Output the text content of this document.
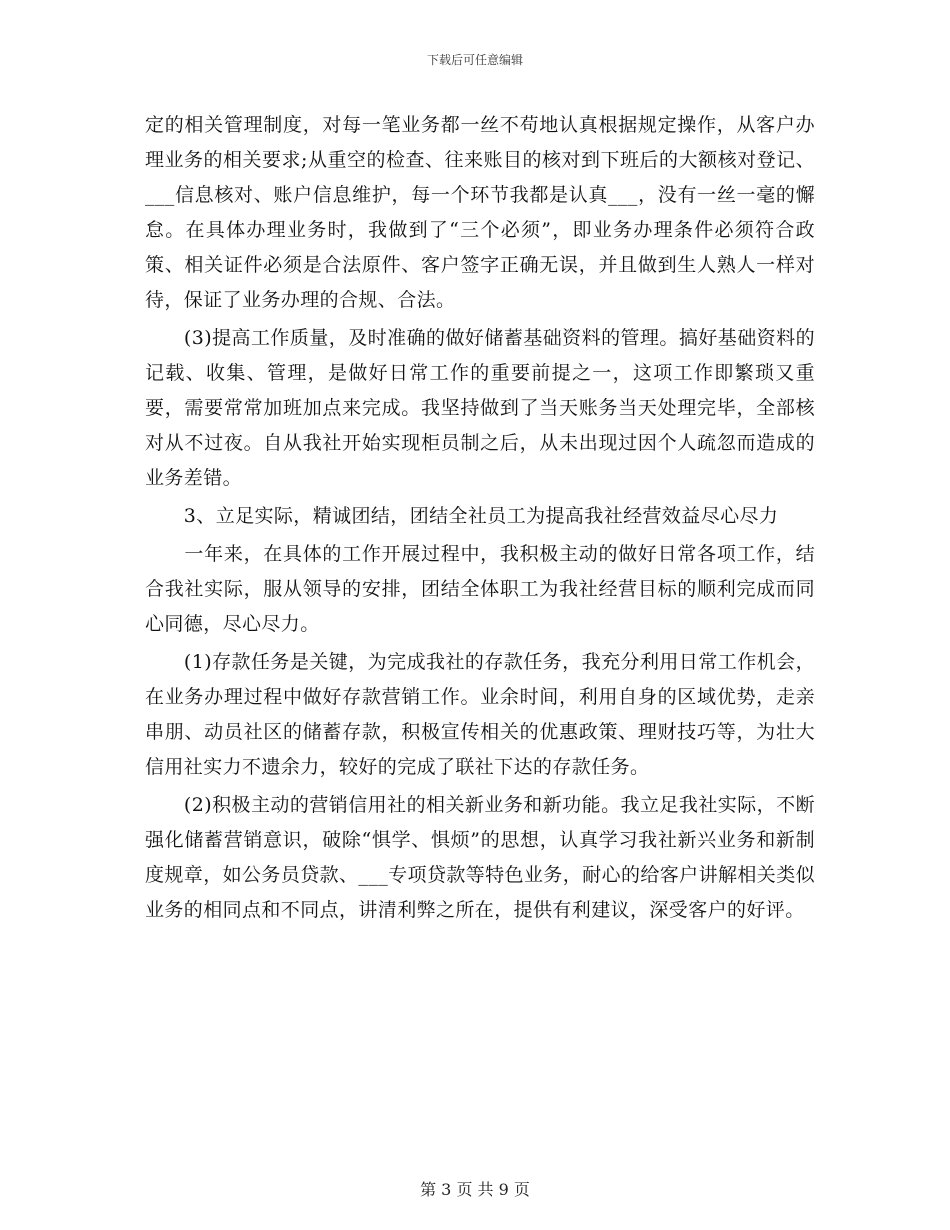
下载后可任意编辑

定的相关管理制度，对每一笔业务都一丝不苟地认真根据规定操作，从客户办理业务的相关要求;从重空的检查、往来账目的核对到下班后的大额核对登记、___信息核对、账户信息维护，每一个环节我都是认真___，没有一丝一毫的懈怠。在具体办理业务时，我做到了“三个必须”，即业务办理条件必须符合政策、相关证件必须是合法原件、客户签字正确无误，并且做到生人熟人一样对待，保证了业务办理的合规、合法。

　　(3)提高工作质量，及时准确的做好储蓄基础资料的管理。搞好基础资料的记载、收集、管理，是做好日常工作的重要前提之一，这项工作即繁琐又重要，需要常常加班加点来完成。我坚持做到了当天账务当天处理完毕，全部核对从不过夜。自从我社开始实现柜员制之后，从未出现过因个人疏忽而造成的业务差错。

　　3、立足实际，精诚团结，团结全社员工为提高我社经营效益尽心尽力

　　一年来，在具体的工作开展过程中，我积极主动的做好日常各项工作，结合我社实际，服从领导的安排，团结全体职工为我社经营目标的顺利完成而同心同德，尽心尽力。

　　(1)存款任务是关键，为完成我社的存款任务，我充分利用日常工作机会，在业务办理过程中做好存款营销工作。业余时间，利用自身的区域优势，走亲串朋、动员社区的储蓄存款，积极宣传相关的优惠政策、理财技巧等，为壮大信用社实力不遗余力，较好的完成了联社下达的存款任务。

　　(2)积极主动的营销信用社的相关新业务和新功能。我立足我社实际，不断强化储蓄营销意识，破除“惧学、惧烦”的思想，认真学习我社新兴业务和新制度规章，如公务员贷款、___专项贷款等特色业务，耐心的给客户讲解相关类似业务的相同点和不同点，讲清利弊之所在，提供有利建议，深受客户的好评。

第 3 页 共 9 页
